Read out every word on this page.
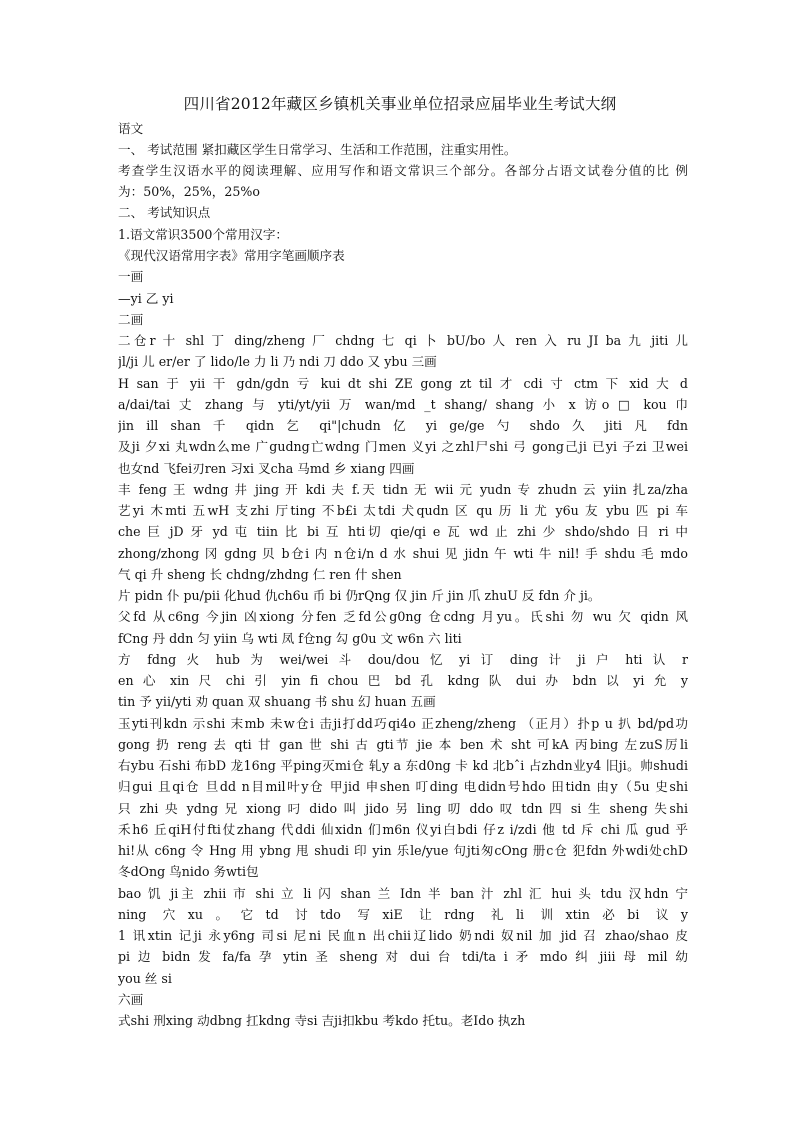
四川省2012年藏区乡镇机关事业单位招录应届毕业生考试大纲
语文
一、 考试范围 紧扣藏区学生日常学习、生活和工作范围，注重实用性。
考查学生汉语水平的阅读理解、应用写作和语文常识三个部分。各部分占语文试卷分值的比 例
为：50%，25%，25%o
二、 考试知识点
1.语文常识3500个常用汉字：
《现代汉语常用字表》常用字笔画顺序表
一画
—yi 乙 yi
二画
二仓r 十 shl 丁 ding/zheng 厂 chdng 七 qi 卜 bU/bo 人 ren 入 ru JI ba 九 jiti 儿
jl/ji 儿 er/er 了 lido/le 力 li 乃 ndi 刀 ddo 又 ybu 三画
H san 于 yii 干 gdn/gdn 亏 kui dt shi ZE gong zt til 才 cdi 寸 ctm 下 xid 大 d
a/dai/tai 丈 zhang 与 yti/yt/yii 万 wan/md _t shang/ shang 小 x 访o □ kou 巾
jin ill shan 千 qidn 乞 qi"|chudn 亿 yi ge/ge 勺 shdo 久 jiti 凡 fdn
及ji 夕xi 丸wdn么me 广gudng亡wdng 门men 义yi 之zhl尸shi 弓 gong己ji 已yi 子zi 卫wei
也女nd 飞fei刃ren 习xi 叉cha 马md 乡 xiang 四画
丰 feng 王 wdng 井 jing 开 kdi 夫 f.天 tidn 无 wii 元 yudn 专 zhudn 云 yiin 扎za/zha
艺yi 木mti 五wH 支zhi 厅ting 不b£i 太tdi 犬qudn 区 qu 历 li 尤 y6u 友 ybu 匹 pi 车
che 巨 jD 牙 yd 屯 tiin 比 bi 互 hti切 qie/qi e 瓦 wd 止 zhi 少 shdo/shdo 日 ri 中
zhong/zhong 冈 gdng 贝 b仓i 内 n仓i/n d 水 shui 见 jidn 午 wti 牛 nil! 手 shdu 毛 mdo
气 qi 升 sheng 长 chdng/zhdng 仁 ren 什 shen
片 pidn 仆 pu/pii 化hud 仇ch6u 币 bi 仍rQng 仅 jin 斤 jin 爪 zhuU 反 fdn 介 ji。
父fd 从c6ng 今jin 凶xiong 分fen 乏fd公g0ng 仓cdng 月yu。氏shi 勿 wu 欠 qidn 风
fCng 丹 ddn 匀 yiin 乌 wti 凤 f仓ng 勾 g0u 文 w6n 六 liti
方 fdng 火 hub 为 wei/wei 斗 dou/dou 忆 yi 订 ding 计 ji 户 hti 认 r
en 心 xin 尺 chi 引 yin fi chou 巴 bd 孔 kdng 队 dui 办 bdn 以 yi 允 y
tin 予 yii/yti 劝 quan 双 shuang 书 shu 幻 huan 五画
玉yti刊kdn 示shi 末mb 未w仓i 击ji打dd巧qi4o 正zheng/zheng （正月）扑p u 扒 bd/pd功
gong 扔 reng 去 qti 甘 gan 世 shi 古 gti节 jie 本 ben 术 sht 可kA 丙bing 左zuS厉li
右ybu 石shi 布bD 龙16ng 平ping灭mi仓 轧y a 东d0ng 卡 kd 北bˆi 占zhdn业y4 旧ji。帅shudi
归gui 且qi仓 旦dd n目mil叶y仓 甲jid 申shen 叮ding 电didn号hdo 田tidn 由y（5u 史shi
只 zhi 央 ydng 兄 xiong 叼 dido 叫 jido 另 ling 叨 ddo 叹 tdn 四 si 生 sheng 失shi
禾h6 丘qiH付fti仗zhang 代ddi 仙xidn 们m6n 仪yi白bdi 仔z i/zdi 他 td 斥 chi 瓜 gud 乎
hi!从 c6ng 令 Hng 用 ybng 甩 shudi 印 yin 乐le/yue 句jti匆cOng 册c仓 犯fdn 外wdi处chD
冬dOng 鸟nido 务wti包
bao 饥 ji主 zhii 市 shi 立 li 闪 shan 兰 Idn 半 ban 汁 zhl 汇 hui 头 tdu 汉hdn 宁
ning 穴xu。它td 讨tdo 写xiE 让rdng 礼li 训xtin必bi 议y
1 讯xtin 记ji 永y6ng 司si 尼ni 民血n 出chii辽lido 奶ndi 奴nil 加 jid 召 zhao/shao 皮
pi 边 bidn 发 fa/fa 孕 ytin 圣 sheng 对 dui 台 tdi/ta i 矛 mdo 纠 jiii 母 mil 幼
you 丝 si
六画
式shi 刑xing 动dbng 扛kdng 寺si 吉ji扣kbu 考kdo 托tu。老Ido 执zh
